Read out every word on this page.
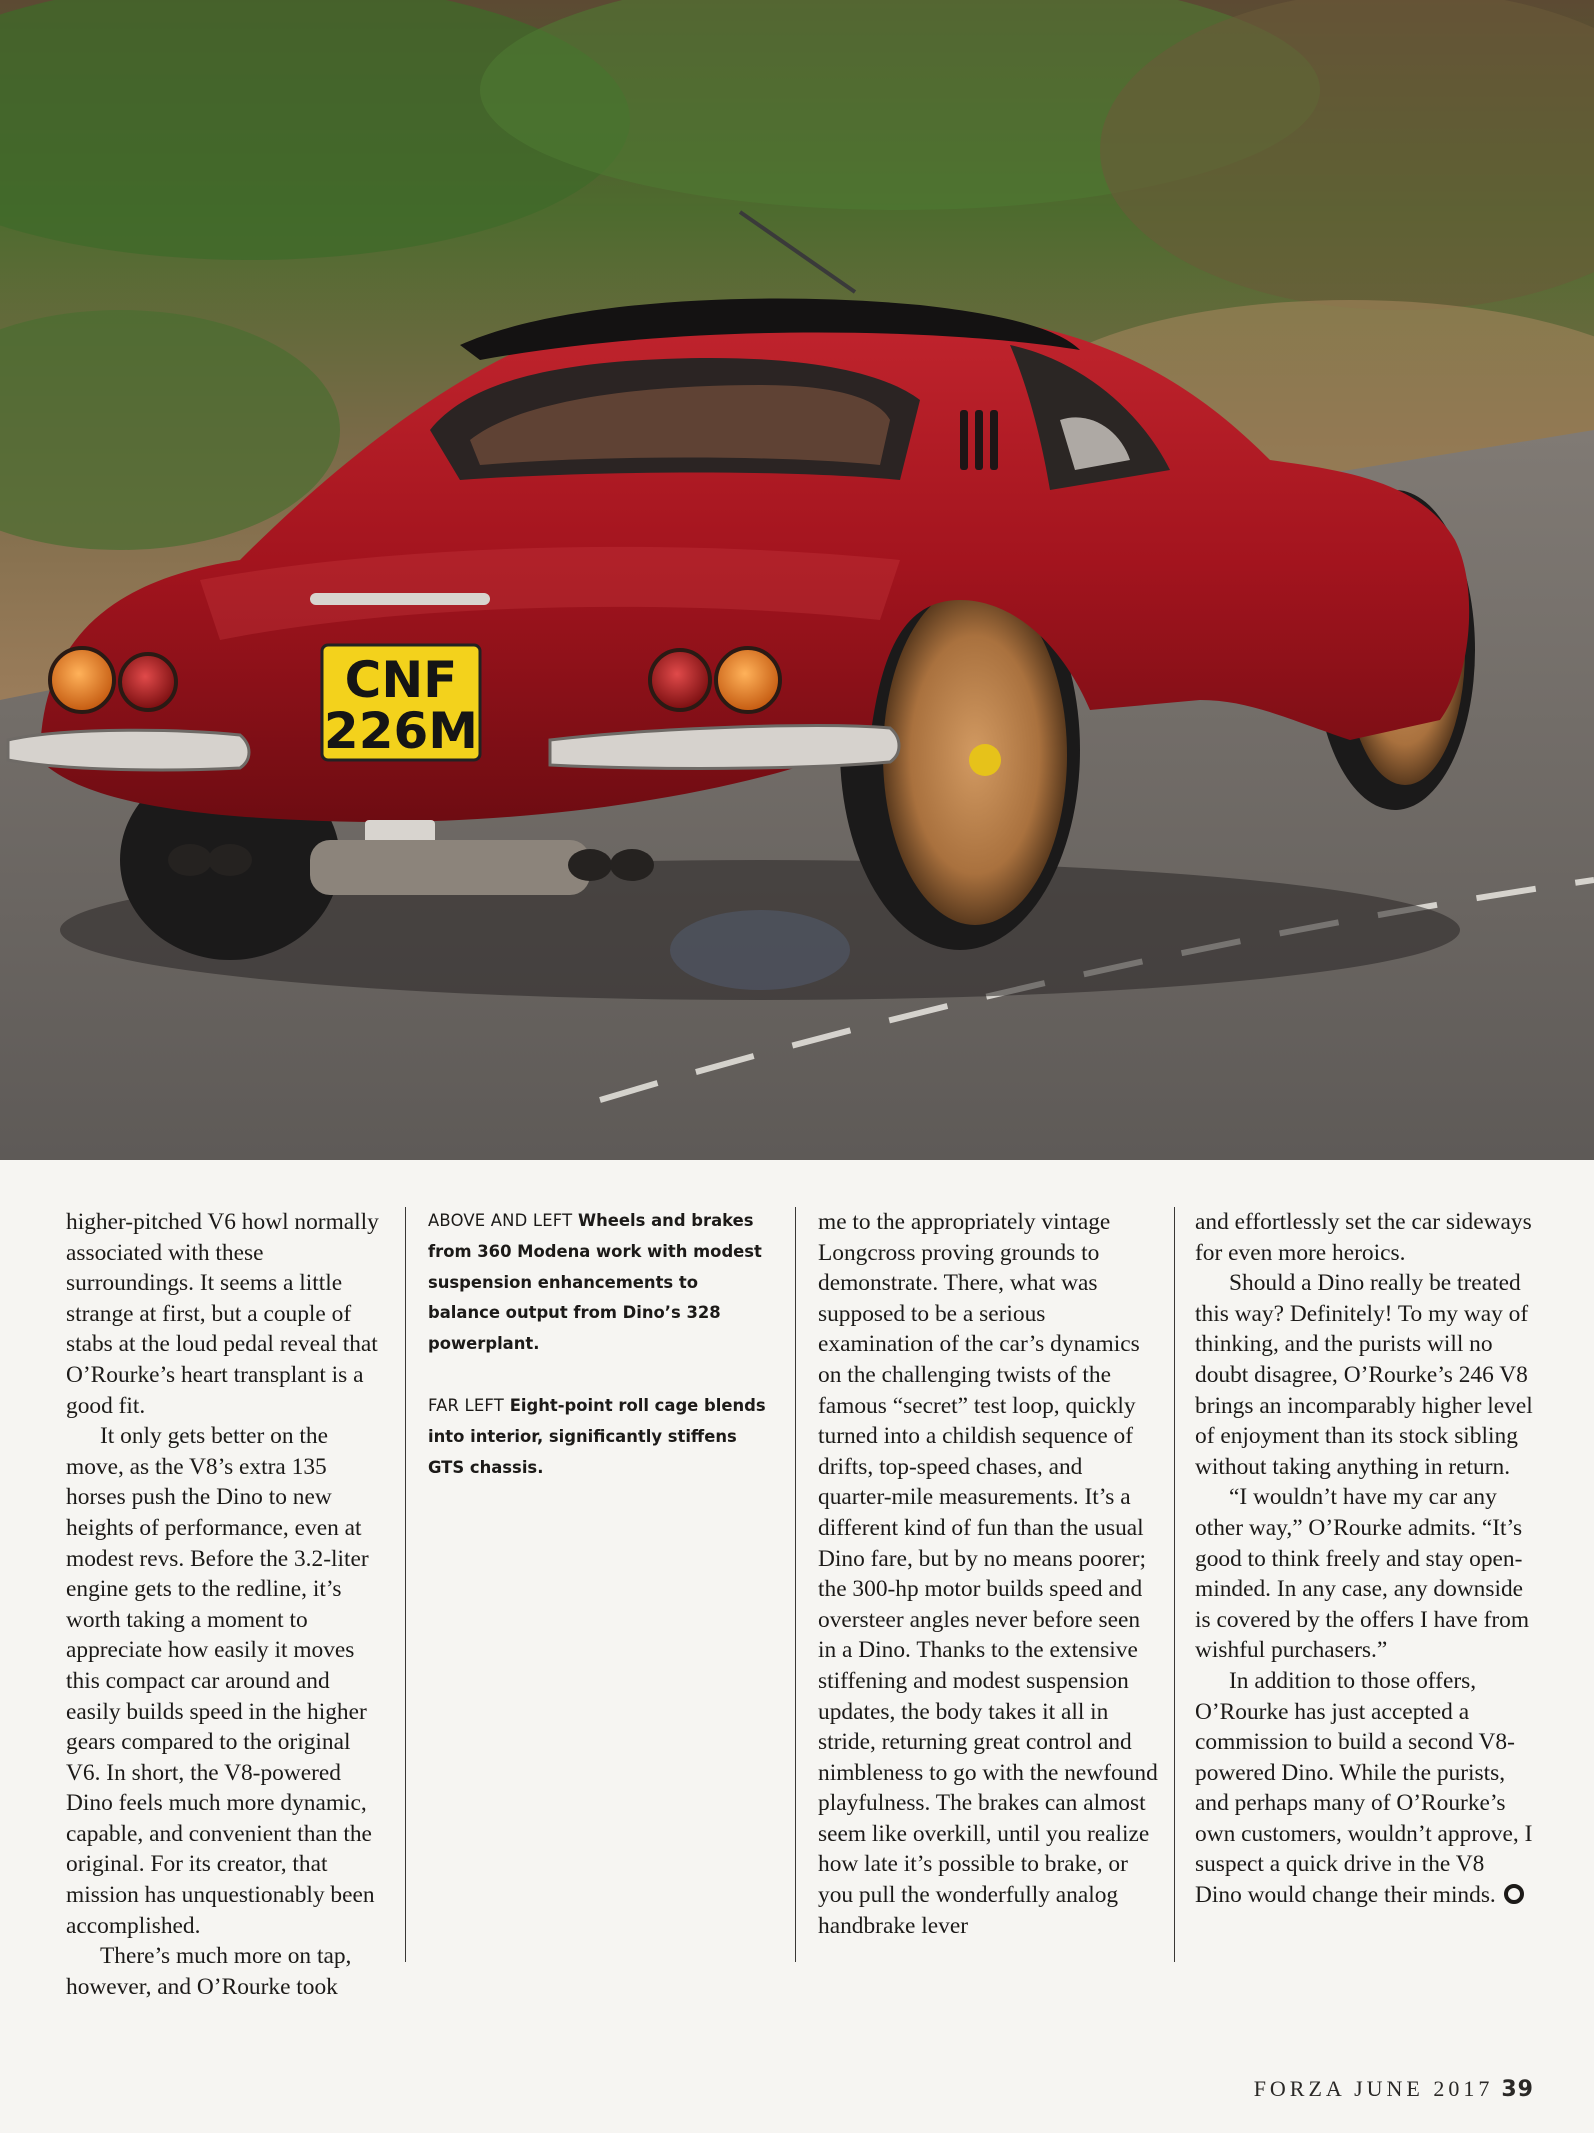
CNF
226M

higher-pitched V6 howl normally associated with these surroundings. It seems a little strange at first, but a couple of stabs at the loud pedal reveal that O’Rourke’s heart transplant is a good fit.

It only gets better on the move, as the V8’s extra 135 horses push the Dino to new heights of performance, even at modest revs. Before the 3.2-liter engine gets to the redline, it’s worth taking a moment to appreciate how easily it moves this compact car around and easily builds speed in the higher gears compared to the original V6. In short, the V8-powered Dino feels much more dynamic, capable, and convenient than the original. For its creator, that mission has unquestionably been accomplished.

There’s much more on tap, however, and O’Rourke took

ABOVE AND LEFT Wheels and brakes from 360 Modena work with modest suspension enhancements to balance output from Dino’s 328 powerplant.

FAR LEFT Eight-point roll cage blends into interior, significantly stiffens GTS chassis.

me to the appropriately vintage Longcross proving grounds to demonstrate. There, what was supposed to be a serious examination of the car’s dynamics on the challenging twists of the famous “secret” test loop, quickly turned into a childish sequence of drifts, top-speed chases, and quarter-mile measurements. It’s a different kind of fun than the usual Dino fare, but by no means poorer; the 300-hp motor builds speed and oversteer angles never before seen in a Dino. Thanks to the extensive stiffening and modest suspension updates, the body takes it all in stride, returning great control and nimbleness to go with the newfound playfulness. The brakes can almost seem like overkill, until you realize how late it’s possible to brake, or you pull the wonderfully analog handbrake lever

and effortlessly set the car sideways for even more heroics.

Should a Dino really be treated this way? Definitely! To my way of thinking, and the purists will no doubt disagree, O’Rourke’s 246 V8 brings an incomparably higher level of enjoyment than its stock sibling without taking anything in return.

“I wouldn’t have my car any other way,” O’Rourke admits. “It’s good to think freely and stay open-minded. In any case, any downside is covered by the offers I have from wishful purchasers.”

In addition to those offers, O’Rourke has just accepted a commission to build a second V8-powered Dino. While the purists, and perhaps many of O’Rourke’s own customers, wouldn’t approve, I suspect a quick drive in the V8 Dino would change their minds.

FORZA JUNE 2017 39
